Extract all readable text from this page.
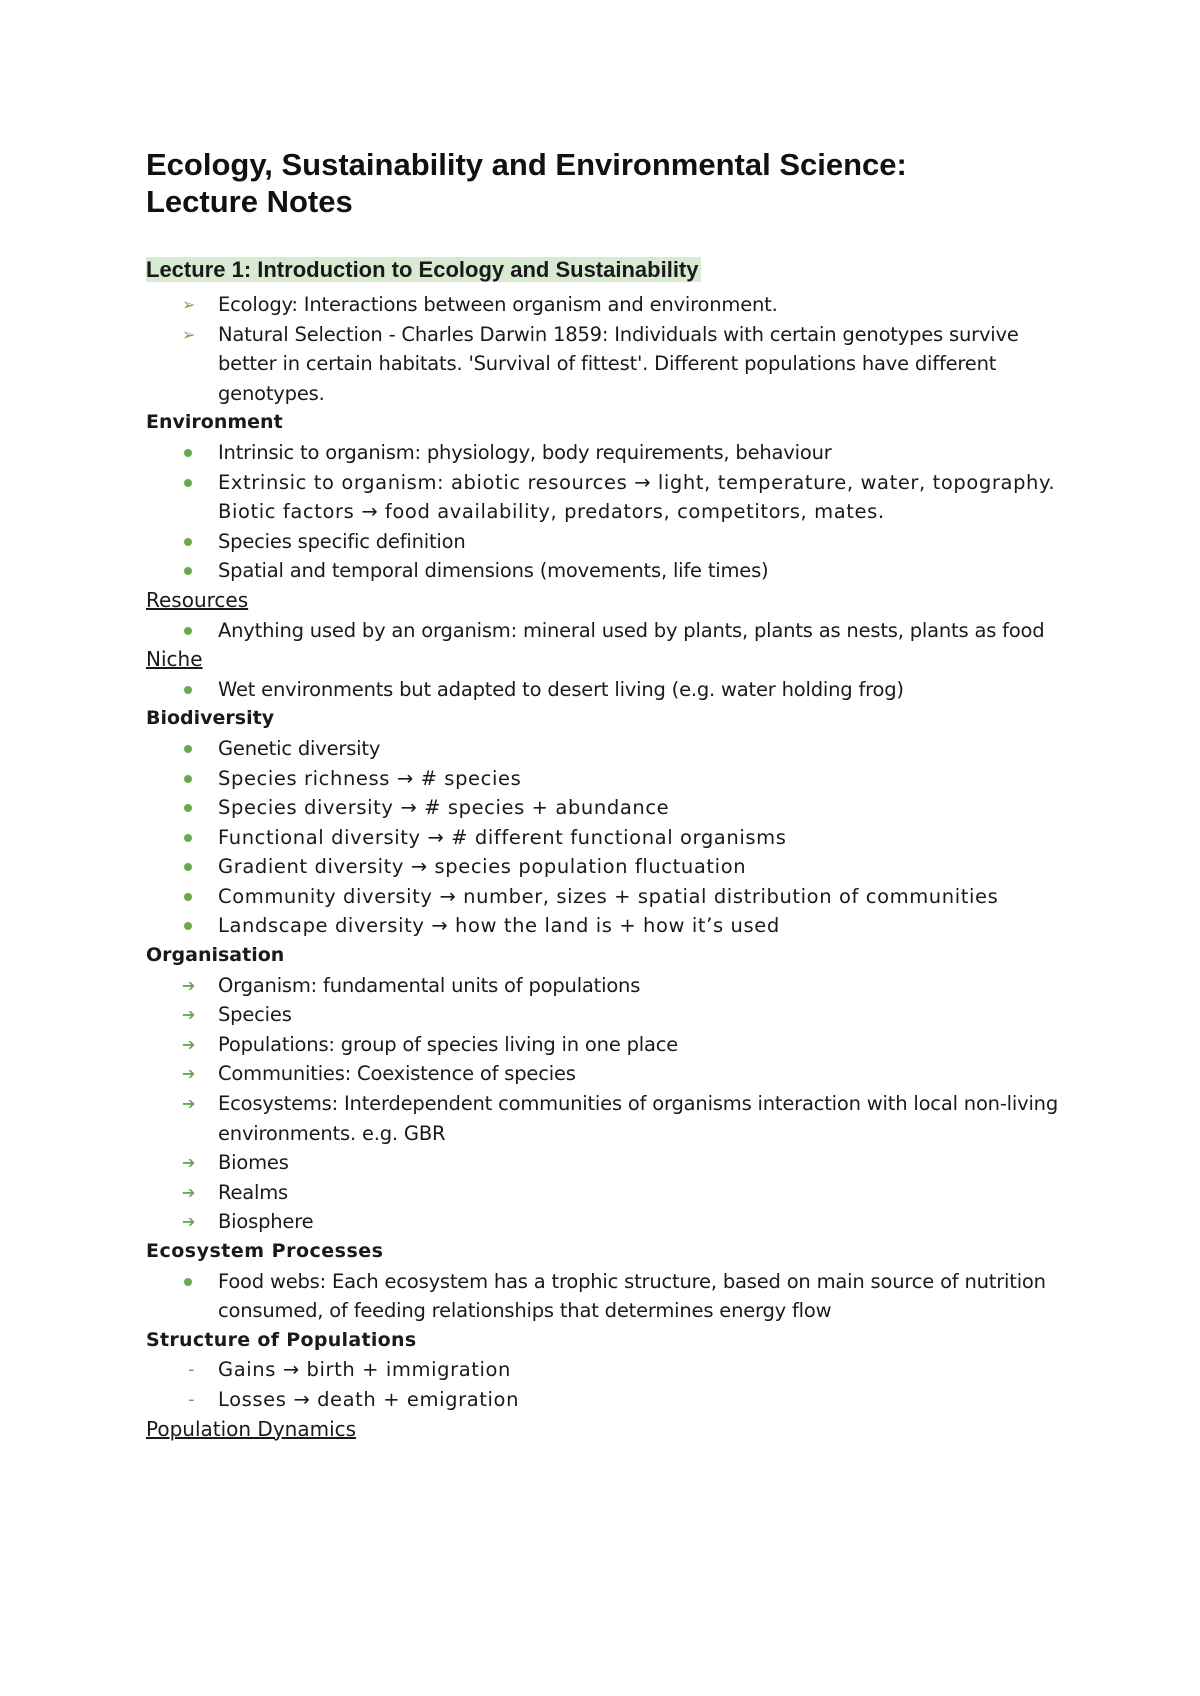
Ecology, Sustainability and Environmental Science:
Lecture Notes
Lecture 1: Introduction to Ecology and Sustainability
➢	Ecology: Interactions between organism and environment.
➢	Natural Selection - Charles Darwin 1859: Individuals with certain genotypes survive better in certain habitats. 'Survival of fittest'. Different populations have different genotypes.
Environment
Intrinsic to organism: physiology, body requirements, behaviour
Extrinsic to organism: abiotic resources → light, temperature, water, topography. Biotic factors → food availability, predators, competitors, mates.
Species specific definition
Spatial and temporal dimensions (movements, life times)
Resources
Anything used by an organism: mineral used by plants, plants as nests, plants as food
Niche
Wet environments but adapted to desert living (e.g. water holding frog)
Biodiversity
Genetic diversity
Species richness → # species
Species diversity → # species + abundance
Functional diversity → # different functional organisms
Gradient diversity → species population fluctuation
Community diversity → number, sizes + spatial distribution of communities
Landscape diversity → how the land is + how it’s used
Organisation
➔	Organism: fundamental units of populations
➔	Species
➔	Populations: group of species living in one place
➔	Communities: Coexistence of species
➔	Ecosystems: Interdependent communities of organisms interaction with local non-living environments. e.g. GBR
➔	Biomes
➔	Realms
➔	Biosphere
Ecosystem Processes
Food webs: Each ecosystem has a trophic structure, based on main source of nutrition consumed, of feeding relationships that determines energy flow
Structure of Populations
-	Gains → birth + immigration
-	Losses → death + emigration
Population Dynamics
